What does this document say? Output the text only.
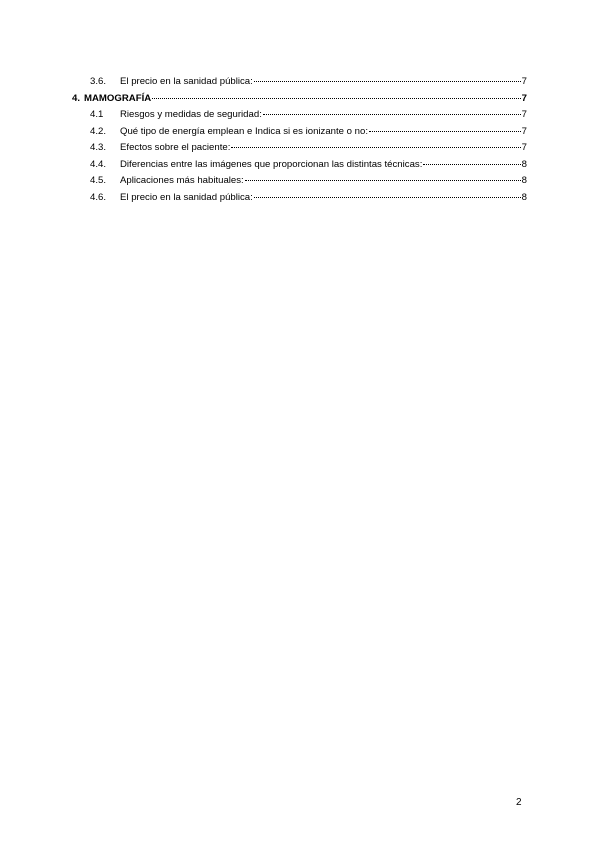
3.6.	El precio en la sanidad pública:	7
4. MAMOGRAFÍA	7
4.1	Riesgos y medidas de seguridad:	7
4.2.	Qué tipo de energía emplean e Indica si es ionizante o no:	7
4.3.	Efectos sobre el paciente:	7
4.4.	Diferencias entre las imágenes que proporcionan las distintas técnicas:	8
4.5.	Aplicaciones más habituales:	8
4.6.	El precio en la sanidad pública:	8
2
